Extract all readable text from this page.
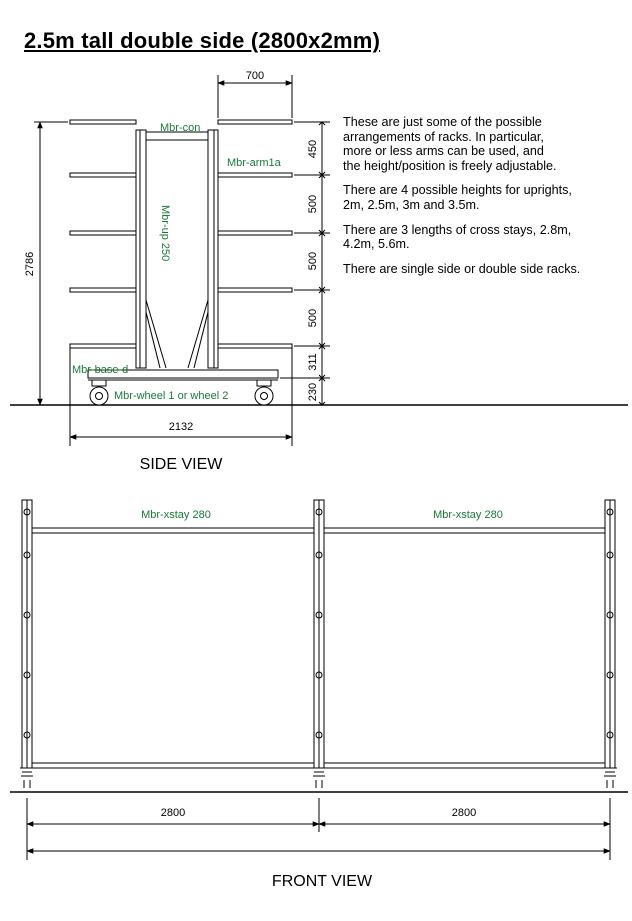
2.5m tall double side (2800x2mm)

These are just some of the possible
arrangements of racks. In particular,
more or less arms can be used, and
the height/position is freely adjustable.

There are 4 possible heights for uprights,
2m, 2.5m, 3m and 3.5m.

There are 3 lengths of cross stays, 2.8m,
4.2m, 5.6m.

There are single side or double side racks.

700
2786
2132
450
500
500
500
311
230
Mbr-con
Mbr-arm1a
Mbr-up 250
Mbr-base-d
Mbr-wheel 1 or wheel 2
SIDE VIEW
Mbr-xstay 280	Mbr-xstay 280
2800	2800
FRONT VIEW
